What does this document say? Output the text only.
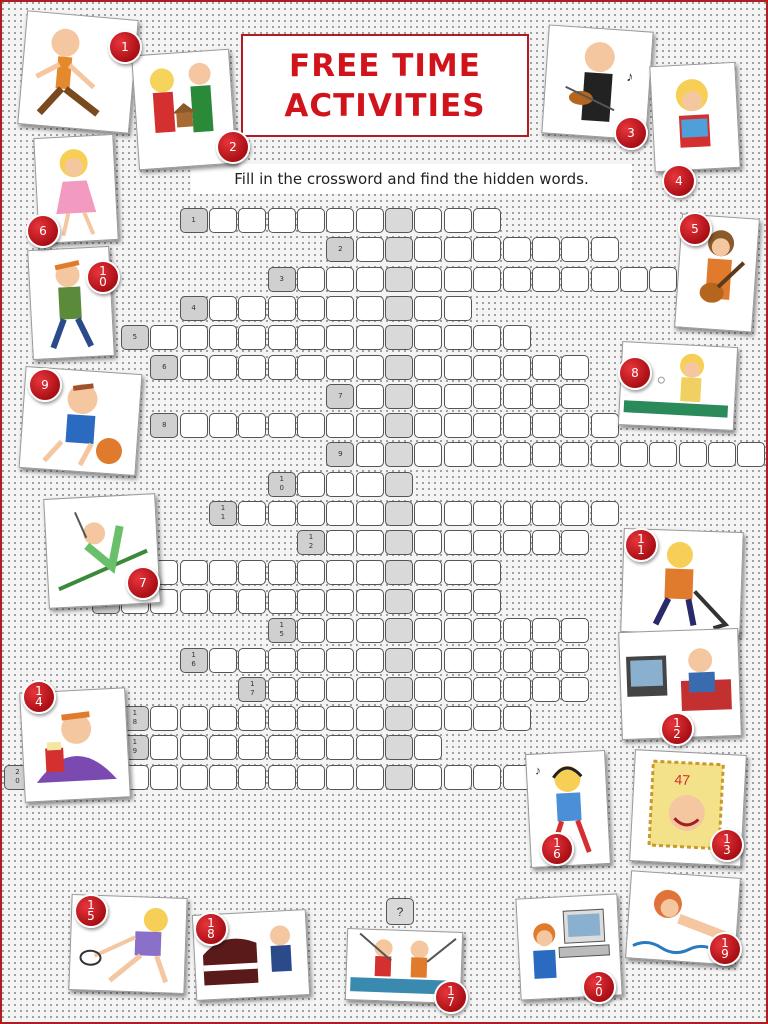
FREE TIME
ACTIVITIES
Fill in the crossword and find the hidden words.
1
2
3
4
5
6
7
8
9
10
11
12
15
16
17
18
19
20
?
♪
47
♪
1
2
3
4
5
6
7
8
9
10
11
12
13
14
15
16
17
18
19
20
